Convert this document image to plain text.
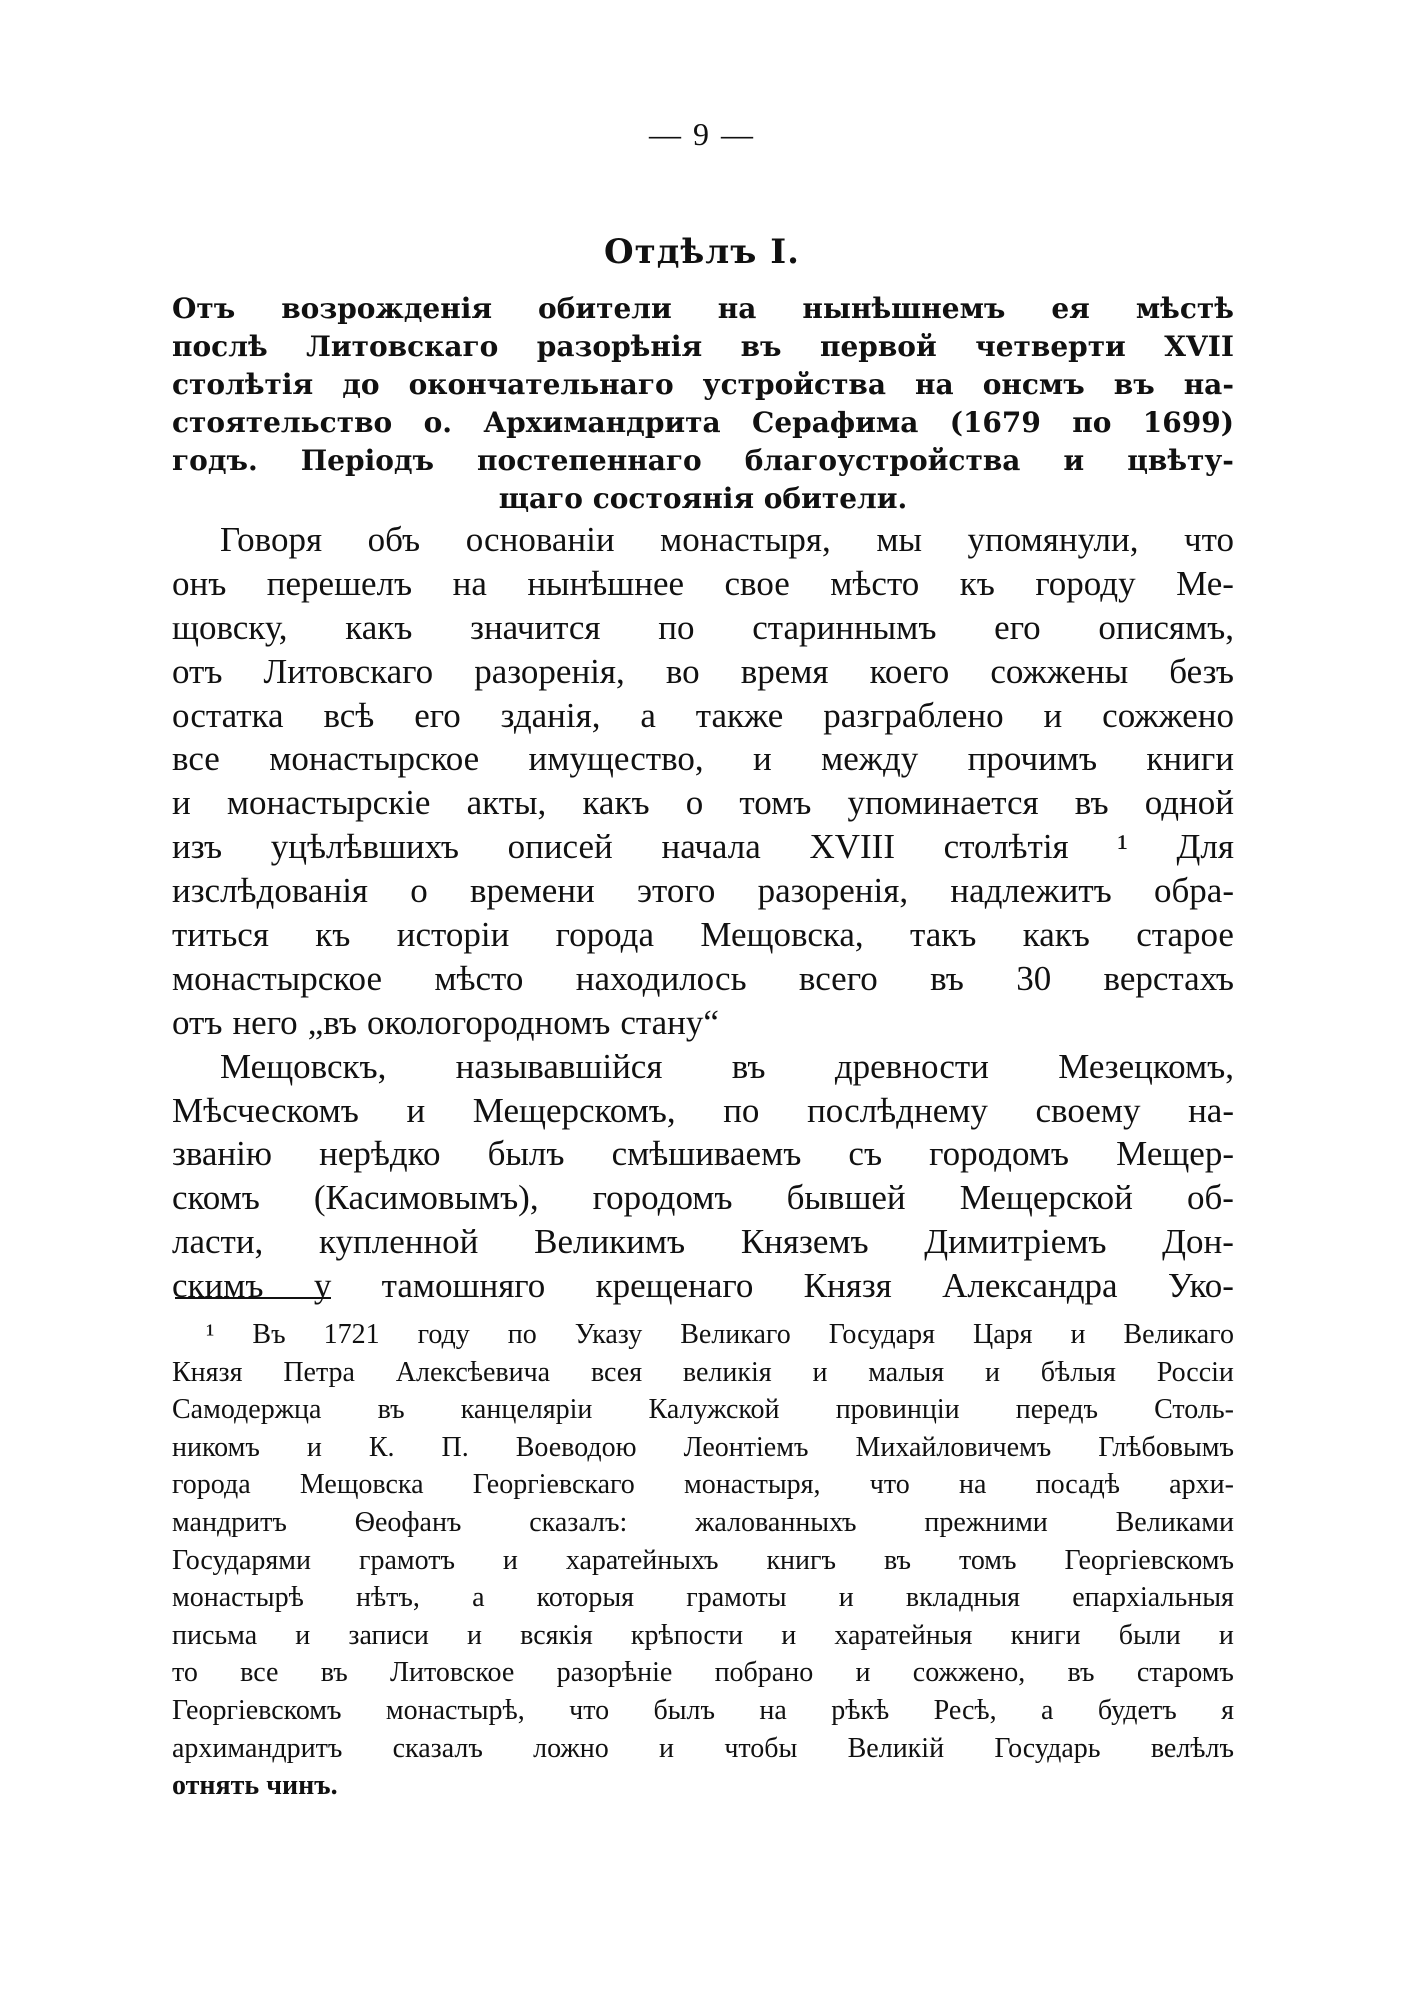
— 9 —
Отдѣлъ I.
Отъ возрожденія обители на нынѣшнемъ ея мѣстѣ
послѣ Литовскаго разорѣнія въ первой четверти XVII
столѣтія до окончательнаго устройства на онсмъ въ на-
стоятельство о. Архимандрита Серафима (1679 по 1699)
годъ. Періодъ постепеннаго благоустройства и цвѣту-
щаго состоянія обители.
Говоря объ основаніи монастыря, мы упомянули, что
онъ перешелъ на нынѣшнее свое мѣсто къ городу Ме-
щовску, какъ значится по стариннымъ его описямъ,
отъ Литовскаго разоренія, во время коего сожжены безъ
остатка всѣ его зданія, а также разграблено и сожжено
все монастырское имущество, и между прочимъ книги
и монастырскіе акты, какъ о томъ упоминается въ одной
изъ уцѣлѣвшихъ описей начала XVIII столѣтія ¹ Для
изслѣдованія о времени этого разоренія, надлежитъ обра-
титься къ исторіи города Мещовска, такъ какъ старое
монастырское мѣсто находилось всего въ 30 верстахъ
отъ него „въ окологородномъ стану“
Мещовскъ, называвшійся въ древности Мезецкомъ,
Мѣсческомъ и Мещерскомъ, по послѣднему своему на-
званію нерѣдко былъ смѣшиваемъ съ городомъ Мещер-
скомъ (Касимовымъ), городомъ бывшей Мещерской об-
ласти, купленной Великимъ Княземъ Димитріемъ Дон-
скимъ у тамошняго крещенаго Князя Александра Уко-
¹ Въ 1721 году по Указу Великаго Государя Царя и Великаго
Князя Петра Алексѣевича всея великія и малыя и бѣлыя Россіи
Самодержца въ канцеляріи Калужской провинціи передъ Столь-
никомъ и К. П. Воеводою Леонтіемъ Михайловичемъ Глѣбовымъ
города Мещовска Георгіевскаго монастыря, что на посадѣ архи-
мандритъ Ѳеофанъ сказалъ: жалованныхъ прежними Великами
Государями грамотъ и харатейныхъ книгъ въ томъ Георгіевскомъ
монастырѣ нѣтъ, а которыя грамоты и вкладныя епархіальныя
письма и записи и всякія крѣпости и харатейныя книги были и
то все въ Литовское разорѣніе побрано и сожжено, въ старомъ
Георгіевскомъ монастырѣ, что былъ на рѣкѣ Ресѣ, а будетъ я
архимандритъ сказалъ ложно и чтобы Великій Государь велѣлъ
отнять чинъ.
